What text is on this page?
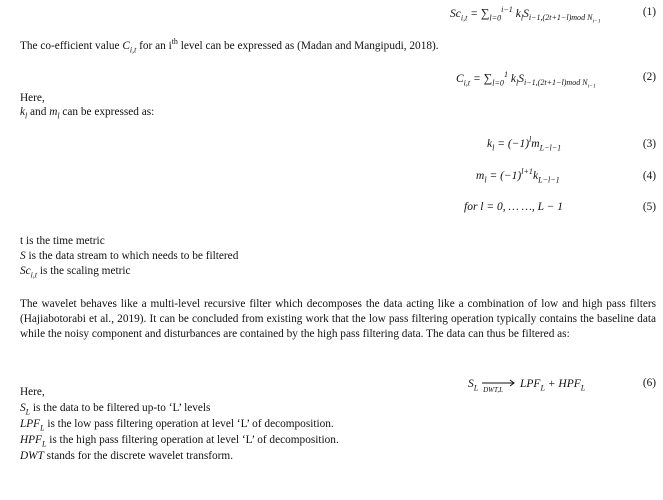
$Sc_{i,t} = \sum_{l=0}^{i-1}$ $k_lS_{i-1,(2t+1-l)mod N_{i-1}}$
(1)
The co-efficient value $C_{i,t}$ for an $i^{th}$ level can be expressed as (Madan and Mangipudi, 2018).
$C_{i,t} = \sum_{l=0}^1$ $k_lS_{i-1,(2t+1-l)mod N_{i-1}}$
(2)
Here,
$k_l$ and $m_l$ can be expressed as:
$k_l = (-1)^lm_{L-l-1}$	(3)
$m_l = (-1)^{l+1}k_{L-l-1}$	(4)
for l = 0, … …, L − 1	(5)
t is the time metric
S is the data stream to which needs to be filtered
$Sc_{i,t}$ is the scaling metric
The wavelet behaves like a multi-level recursive filter which decomposes the data acting like a combination of low and high pass filters (Hajiabotorabi et al., 2019). It can be concluded from existing work that the low pass filtering operation typically contains the baseline data while the noisy component and disturbances are contained by the high pass filtering data. The data can thus be filtered as:
$S_L$ DWT,L $LPF_L + HPF_L$	(6)
Here,
$S_L$ is the data to be filtered up-to ‘L’ levels
$LPF_L$ is the low pass filtering operation at level ‘L’ of decomposition.
$HPF_L$ is the high pass filtering operation at level ‘L’ of decomposition.
DWT stands for the discrete wavelet transform.
